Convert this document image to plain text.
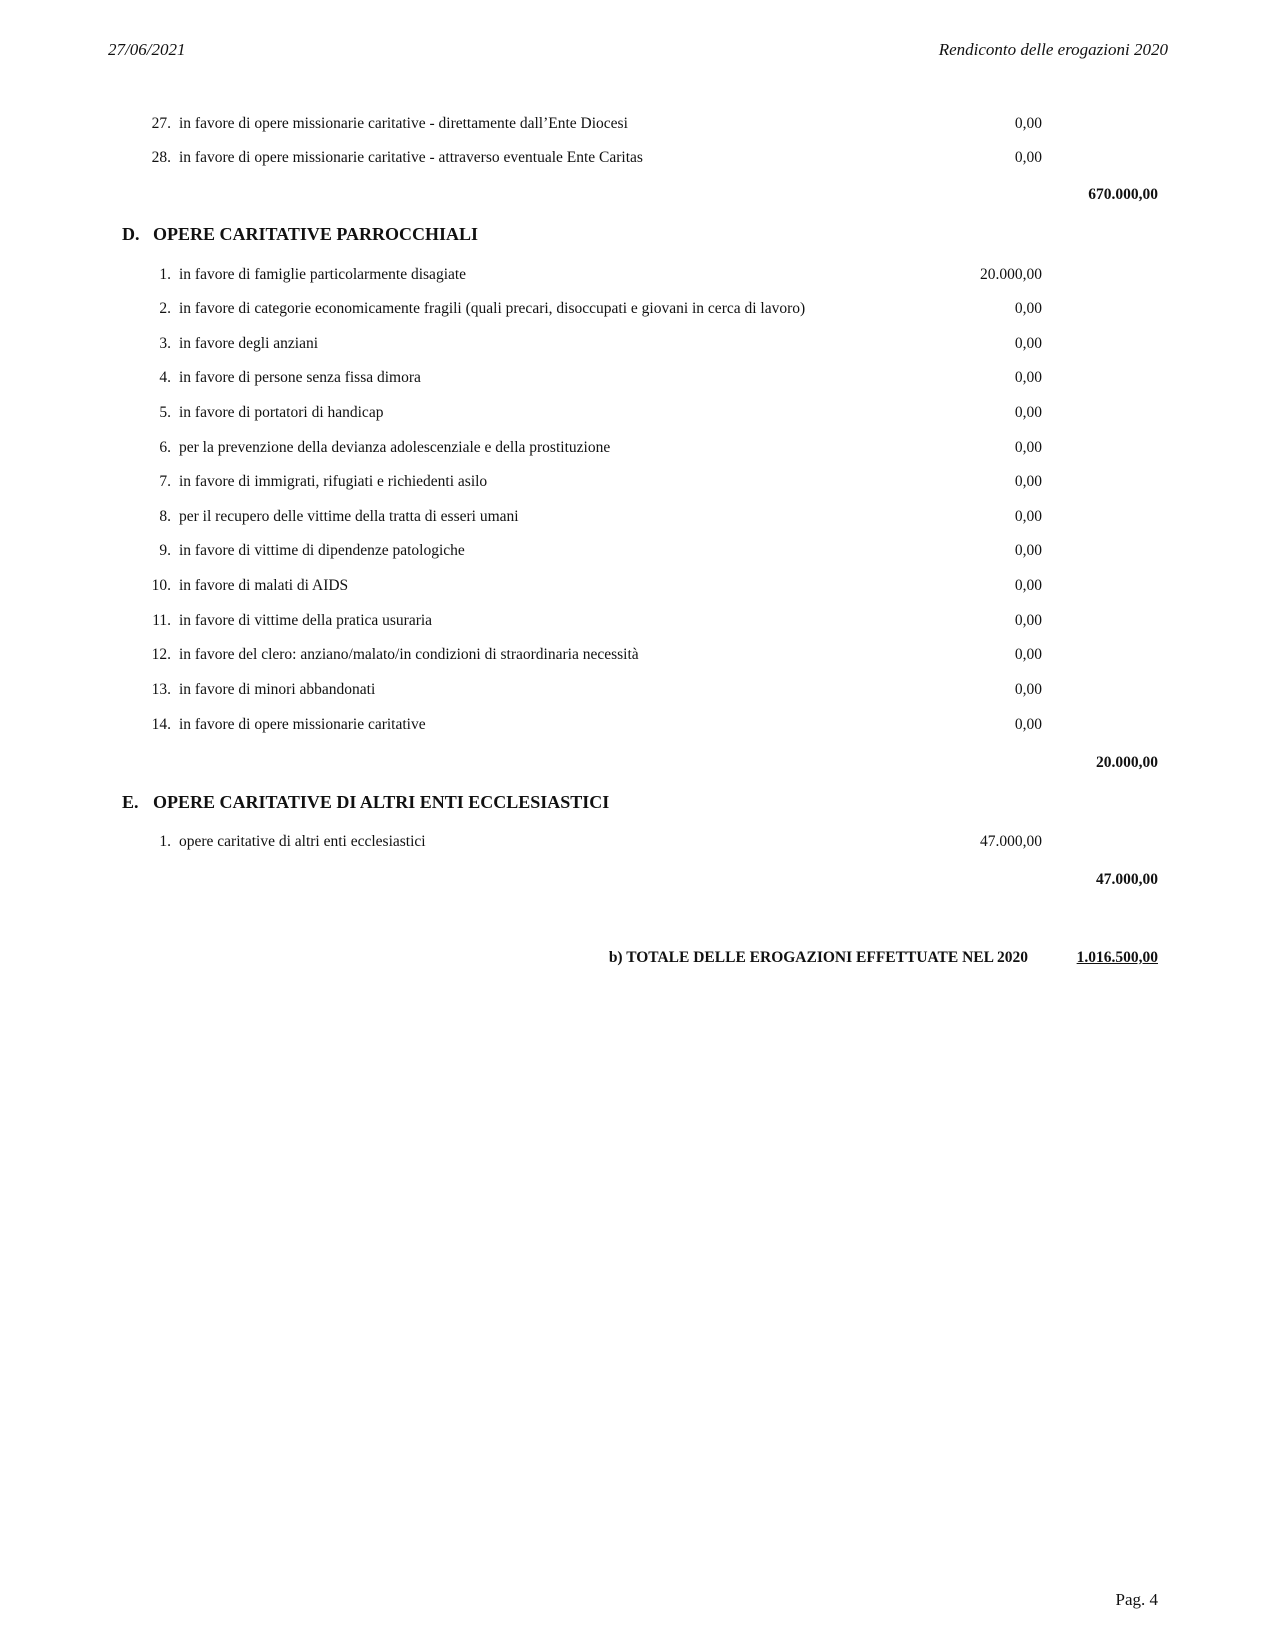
27/06/2021	Rendiconto delle erogazioni 2020
27. in favore di opere missionarie caritative - direttamente dall’Ente Diocesi	0,00
28. in favore di opere missionarie caritative - attraverso eventuale Ente Caritas	0,00
670.000,00
D. OPERE CARITATIVE PARROCCHIALI
1. in favore di famiglie particolarmente disagiate	20.000,00
2. in favore di categorie economicamente fragili (quali precari, disoccupati e giovani in cerca di lavoro)	0,00
3. in favore degli anziani	0,00
4. in favore di persone senza fissa dimora	0,00
5. in favore di portatori di handicap	0,00
6. per la prevenzione della devianza adolescenziale e della prostituzione	0,00
7. in favore di immigrati, rifugiati e richiedenti asilo	0,00
8. per il recupero delle vittime della tratta di esseri umani	0,00
9. in favore di vittime di dipendenze patologiche	0,00
10. in favore di malati di AIDS	0,00
11. in favore di vittime della pratica usuraria	0,00
12. in favore del clero: anziano/malato/in condizioni di straordinaria necessità	0,00
13. in favore di minori abbandonati	0,00
14. in favore di opere missionarie caritative	0,00
20.000,00
E. OPERE CARITATIVE DI ALTRI ENTI ECCLESIASTICI
1. opere caritative di altri enti ecclesiastici	47.000,00
47.000,00
b) TOTALE DELLE EROGAZIONI EFFETTUATE NEL 2020	1.016.500,00
Pag. 4
